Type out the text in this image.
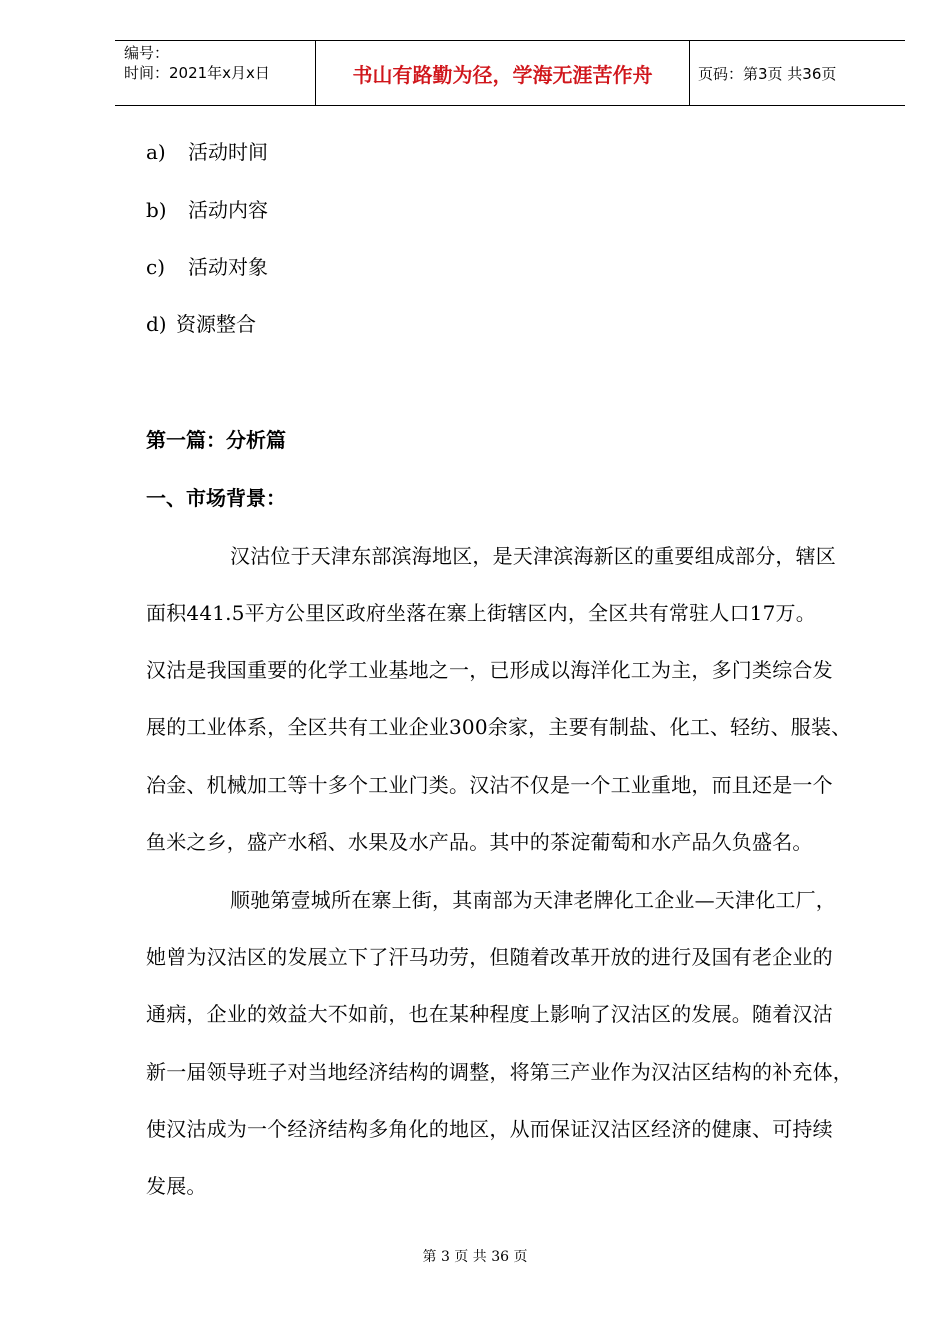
编号：
时间：2021年x月x日	书山有路勤为径，学海无涯苦作舟	页码：第3页 共36页
a) 活动时间
b) 活动内容
c) 活动对象
d) 资源整合
第一篇：分析篇
一、市场背景：
汉沽位于天津东部滨海地区，是天津滨海新区的重要组成部分，辖区
面积441.5平方公里区政府坐落在寨上街辖区内，全区共有常驻人口17万。
汉沽是我国重要的化学工业基地之一，已形成以海洋化工为主，多门类综合发
展的工业体系，全区共有工业企业300余家，主要有制盐、化工、轻纺、服装、
冶金、机械加工等十多个工业门类。汉沽不仅是一个工业重地，而且还是一个
鱼米之乡，盛产水稻、水果及水产品。其中的茶淀葡萄和水产品久负盛名。
顺驰第壹城所在寨上街，其南部为天津老牌化工企业—天津化工厂，
她曾为汉沽区的发展立下了汗马功劳，但随着改革开放的进行及国有老企业的
通病，企业的效益大不如前，也在某种程度上影响了汉沽区的发展。随着汉沽
新一届领导班子对当地经济结构的调整，将第三产业作为汉沽区结构的补充体，
使汉沽成为一个经济结构多角化的地区，从而保证汉沽区经济的健康、可持续
发展。
第 3 页 共 36 页
